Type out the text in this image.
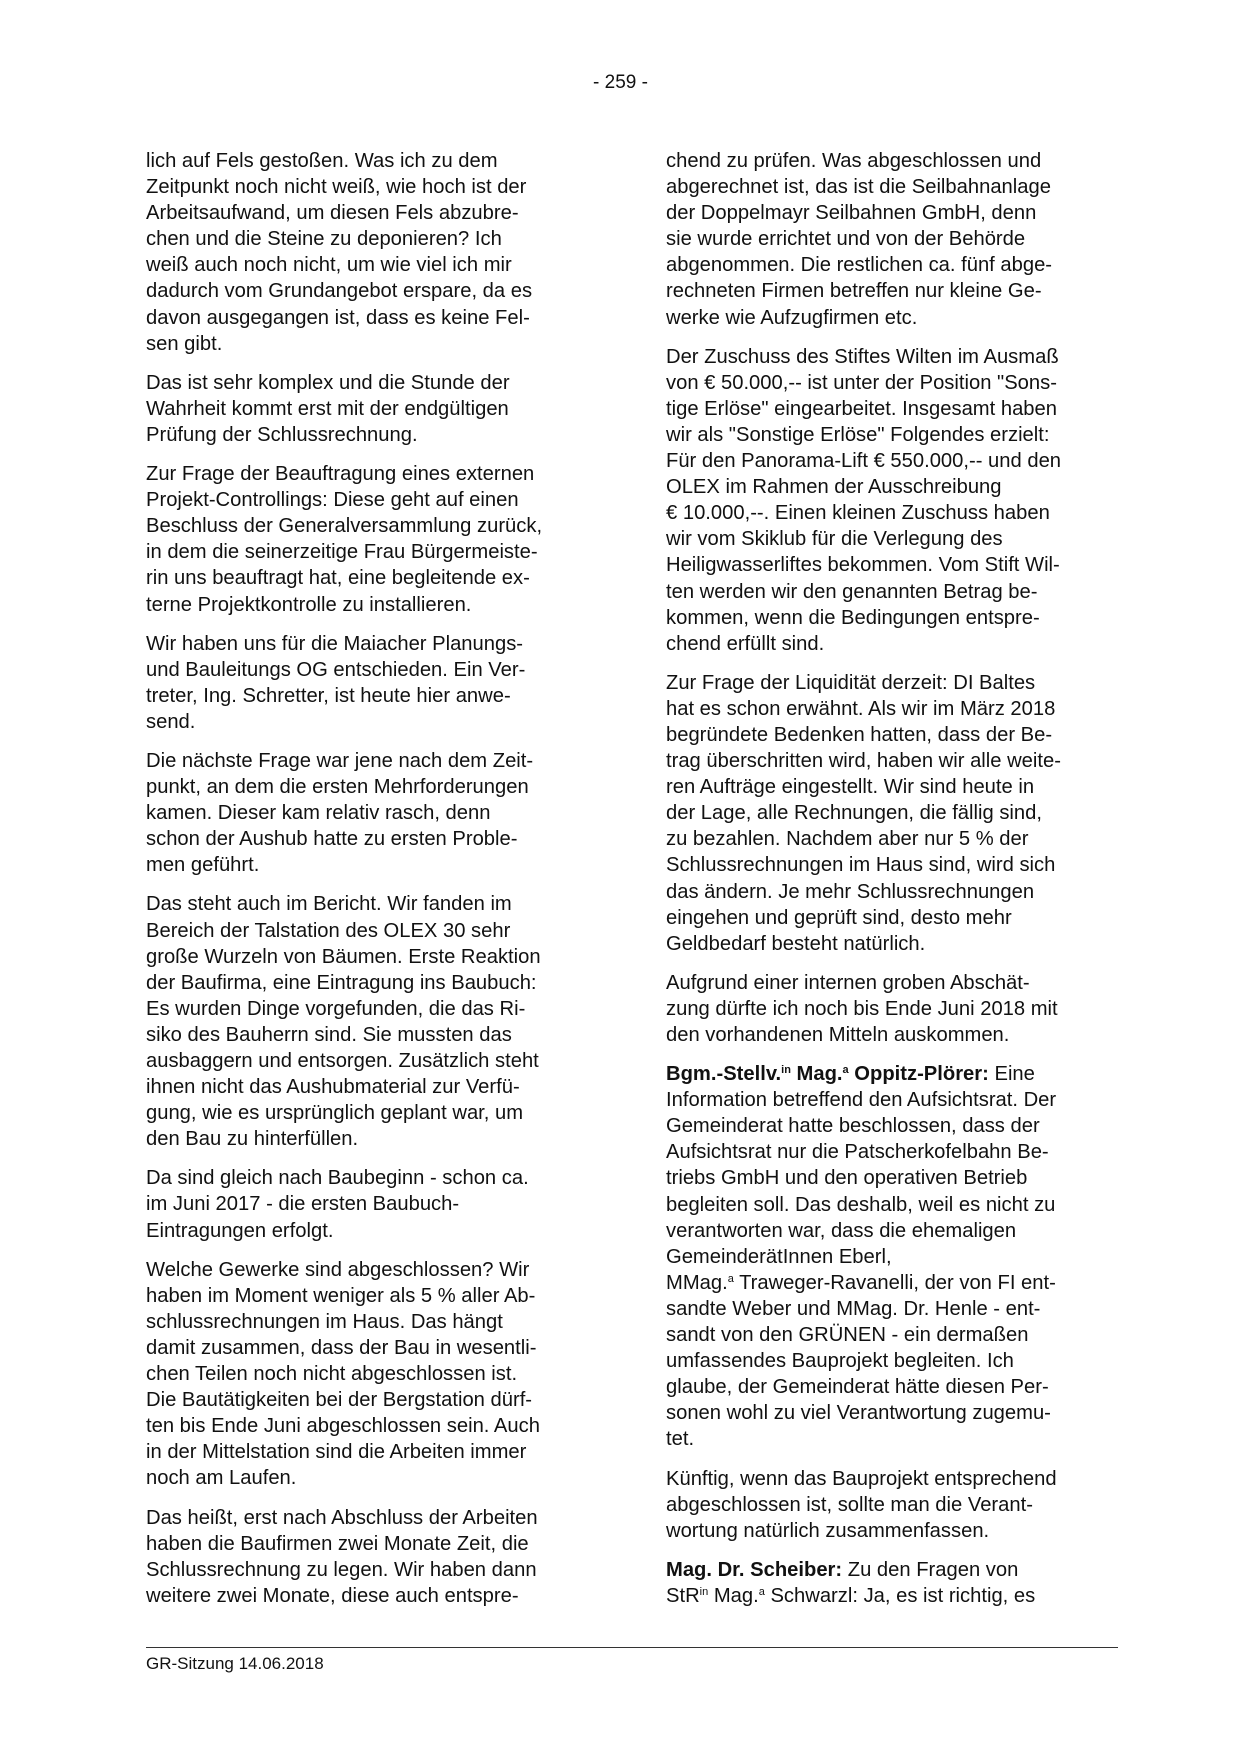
- 259 -

lich auf Fels gestoßen. Was ich zu dem
Zeitpunkt noch nicht weiß, wie hoch ist der
Arbeitsaufwand, um diesen Fels abzubre-
chen und die Steine zu deponieren? Ich
weiß auch noch nicht, um wie viel ich mir
dadurch vom Grundangebot erspare, da es
davon ausgegangen ist, dass es keine Fel-
sen gibt.

Das ist sehr komplex und die Stunde der
Wahrheit kommt erst mit der endgültigen
Prüfung der Schlussrechnung.

Zur Frage der Beauftragung eines externen
Projekt-Controllings: Diese geht auf einen
Beschluss der Generalversammlung zurück,
in dem die seinerzeitige Frau Bürgermeiste-
rin uns beauftragt hat, eine begleitende ex-
terne Projektkontrolle zu installieren.

Wir haben uns für die Maiacher Planungs-
und Bauleitungs OG entschieden. Ein Ver-
treter, Ing. Schretter, ist heute hier anwe-
send.

Die nächste Frage war jene nach dem Zeit-
punkt, an dem die ersten Mehrforderungen
kamen. Dieser kam relativ rasch, denn
schon der Aushub hatte zu ersten Proble-
men geführt.

Das steht auch im Bericht. Wir fanden im
Bereich der Talstation des OLEX 30 sehr
große Wurzeln von Bäumen. Erste Reaktion
der Baufirma, eine Eintragung ins Baubuch:
Es wurden Dinge vorgefunden, die das Ri-
siko des Bauherrn sind. Sie mussten das
ausbaggern und entsorgen. Zusätzlich steht
ihnen nicht das Aushubmaterial zur Verfü-
gung, wie es ursprünglich geplant war, um
den Bau zu hinterfüllen.

Da sind gleich nach Baubeginn - schon ca.
im Juni 2017 - die ersten Baubuch-
Eintragungen erfolgt.

Welche Gewerke sind abgeschlossen? Wir
haben im Moment weniger als 5 % aller Ab-
schlussrechnungen im Haus. Das hängt
damit zusammen, dass der Bau in wesentli-
chen Teilen noch nicht abgeschlossen ist.
Die Bautätigkeiten bei der Bergstation dürf-
ten bis Ende Juni abgeschlossen sein. Auch
in der Mittelstation sind die Arbeiten immer
noch am Laufen.

Das heißt, erst nach Abschluss der Arbeiten
haben die Baufirmen zwei Monate Zeit, die
Schlussrechnung zu legen. Wir haben dann
weitere zwei Monate, diese auch entspre-

chend zu prüfen. Was abgeschlossen und
abgerechnet ist, das ist die Seilbahnanlage
der Doppelmayr Seilbahnen GmbH, denn
sie wurde errichtet und von der Behörde
abgenommen. Die restlichen ca. fünf abge-
rechneten Firmen betreffen nur kleine Ge-
werke wie Aufzugfirmen etc.

Der Zuschuss des Stiftes Wilten im Ausmaß
von € 50.000,-- ist unter der Position "Sons-
tige Erlöse" eingearbeitet. Insgesamt haben
wir als "Sonstige Erlöse" Folgendes erzielt:
Für den Panorama-Lift € 550.000,-- und den
OLEX im Rahmen der Ausschreibung
€ 10.000,--. Einen kleinen Zuschuss haben
wir vom Skiklub für die Verlegung des
Heiligwasserliftes bekommen. Vom Stift Wil-
ten werden wir den genannten Betrag be-
kommen, wenn die Bedingungen entspre-
chend erfüllt sind.

Zur Frage der Liquidität derzeit: DI Baltes
hat es schon erwähnt. Als wir im März 2018
begründete Bedenken hatten, dass der Be-
trag überschritten wird, haben wir alle weite-
ren Aufträge eingestellt. Wir sind heute in
der Lage, alle Rechnungen, die fällig sind,
zu bezahlen. Nachdem aber nur 5 % der
Schlussrechnungen im Haus sind, wird sich
das ändern. Je mehr Schlussrechnungen
eingehen und geprüft sind, desto mehr
Geldbedarf besteht natürlich.

Aufgrund einer internen groben Abschät-
zung dürfte ich noch bis Ende Juni 2018 mit
den vorhandenen Mitteln auskommen.

Bgm.-Stellv.$^{in}$ Mag.$^a$ Oppitz-Plörer: Eine
Information betreffend den Aufsichtsrat. Der
Gemeinderat hatte beschlossen, dass der
Aufsichtsrat nur die Patscherkofelbahn Be-
triebs GmbH und den operativen Betrieb
begleiten soll. Das deshalb, weil es nicht zu
verantworten war, dass die ehemaligen
GemeinderätInnen Eberl,
MMag.$^a$ Traweger-Ravanelli, der von FI ent-
sandte Weber und MMag. Dr. Henle - ent-
sandt von den GRÜNEN - ein dermaßen
umfassendes Bauprojekt begleiten. Ich
glaube, der Gemeinderat hätte diesen Per-
sonen wohl zu viel Verantwortung zugemu-
tet.

Künftig, wenn das Bauprojekt entsprechend
abgeschlossen ist, sollte man die Verant-
wortung natürlich zusammenfassen.

Mag. Dr. Scheiber: Zu den Fragen von
StR$^{in}$ Mag.$^a$ Schwarzl: Ja, es ist richtig, es

GR-Sitzung 14.06.2018
